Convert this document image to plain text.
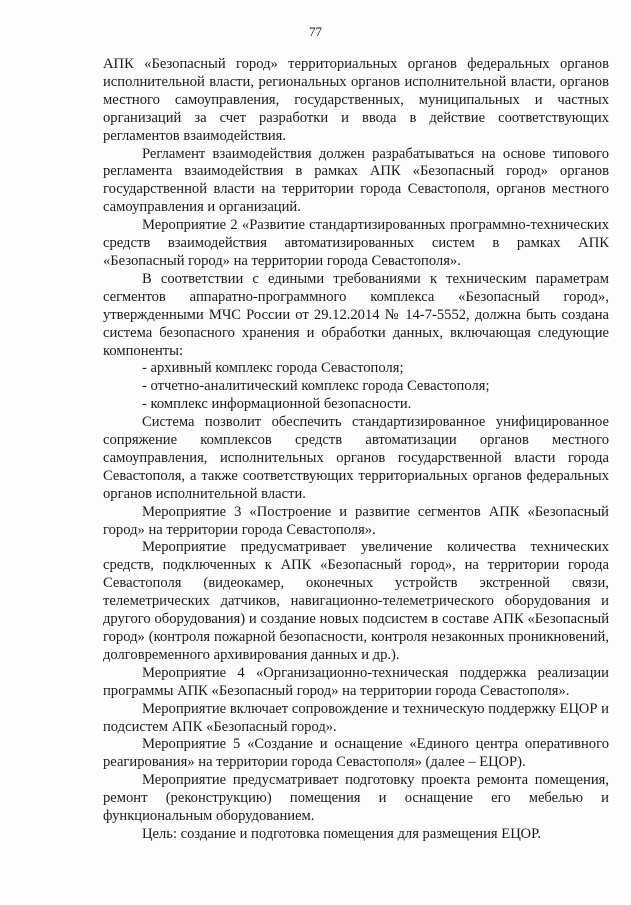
77

АПК «Безопасный город» территориальных органов федеральных органов исполнительной власти, региональных органов исполнительной власти, органов местного самоуправления, государственных, муниципальных и частных организаций за счет разработки и ввода в действие соответствующих регламентов взаимодействия.

Регламент взаимодействия должен разрабатываться на основе типового регламента взаимодействия в рамках АПК «Безопасный город» органов государственной власти на территории города Севастополя, органов местного самоуправления и организаций.

Мероприятие 2 «Развитие стандартизированных программно-технических средств взаимодействия автоматизированных систем в рамках АПК «Безопасный город» на территории города Севастополя».

В соответствии с едиными требованиями к техническим параметрам сегментов аппаратно-программного комплекса «Безопасный город», утвержденными МЧС России от 29.12.2014 № 14-7-5552, должна быть создана система безопасного хранения и обработки данных, включающая следующие компоненты:

- архивный комплекс города Севастополя;

- отчетно-аналитический комплекс города Севастополя;

- комплекс информационной безопасности.

Система позволит обеспечить стандартизированное унифицированное сопряжение комплексов средств автоматизации органов местного самоуправления, исполнительных органов государственной власти города Севастополя, а также соответствующих территориальных органов федеральных органов исполнительной власти.

Мероприятие 3 «Построение и развитие сегментов АПК «Безопасный город» на территории города Севастополя».

Мероприятие предусматривает увеличение количества технических средств, подключенных к АПК «Безопасный город», на территории города Севастополя (видеокамер, оконечных устройств экстренной связи, телеметрических датчиков, навигационно-телеметрического оборудования и другого оборудования) и создание новых подсистем в составе АПК «Безопасный город» (контроля пожарной безопасности, контроля незаконных проникновений, долговременного архивирования данных и др.).

Мероприятие 4 «Организационно-техническая поддержка реализации программы АПК «Безопасный город» на территории города Севастополя».

Мероприятие включает сопровождение и техническую поддержку ЕЦОР и подсистем АПК «Безопасный город».

Мероприятие 5 «Создание и оснащение «Единого центра оперативного реагирования» на территории города Севастополя» (далее – ЕЦОР).

Мероприятие предусматривает подготовку проекта ремонта помещения, ремонт (реконструкцию) помещения и оснащение его мебелью и функциональным оборудованием.

Цель: создание и подготовка помещения для размещения ЕЦОР.
